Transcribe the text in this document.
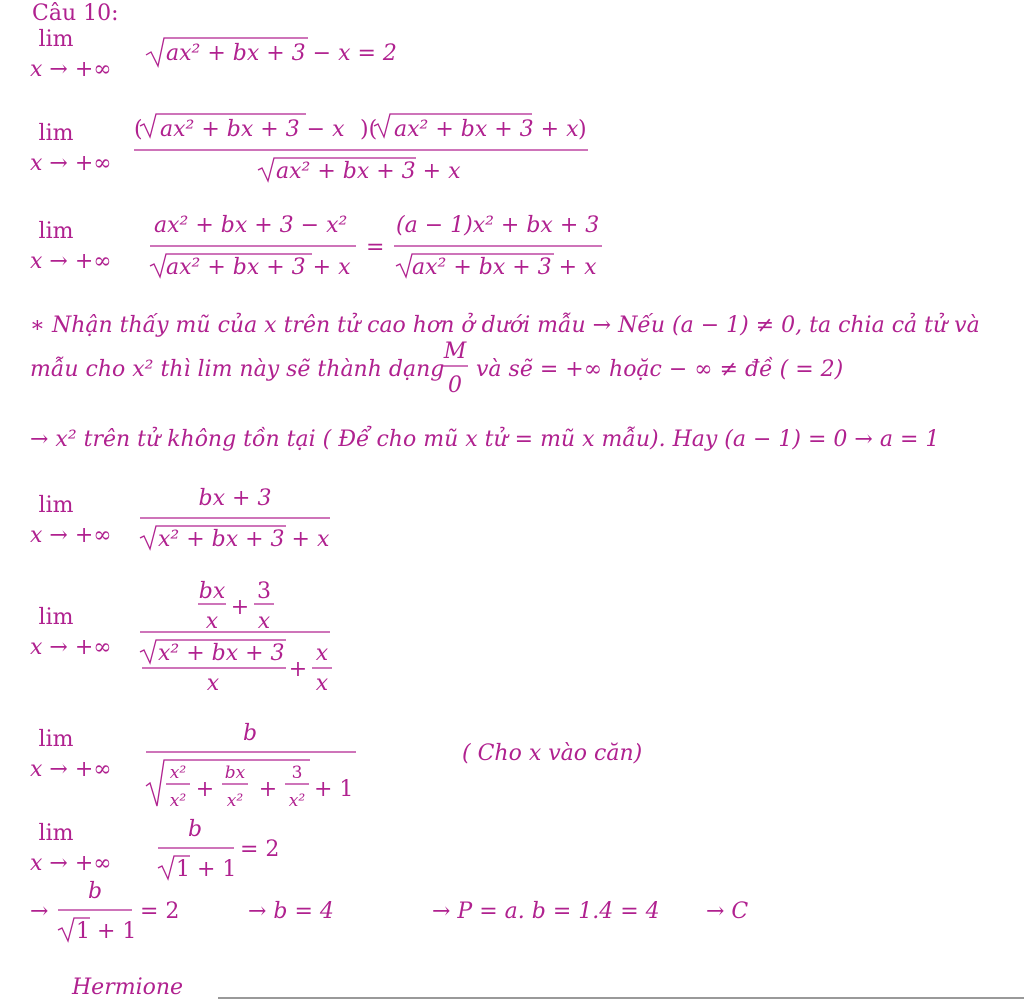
Câu 10:
lim
x → +∞
ax² + bx + 3 − x = 2
lim
x → +∞
( ax² + bx + 3 − x )( ax² + bx + 3 + x )
ax² + bx + 3 + x
lim
x → +∞
ax² + bx + 3 − x²
ax² + bx + 3 + x
=
(a − 1)x² + bx + 3
ax² + bx + 3 + x
∗ Nhận thấy mũ của x trên tử cao hơn ở dưới mẫu → Nếu (a − 1) ≠ 0, ta chia cả tử và
mẫu cho x² thì lim này sẽ thành dạng
M
0
và sẽ = +∞ hoặc − ∞ ≠ đề ( = 2)
→ x² trên tử không tồn tại ( Để cho mũ x tử = mũ x mẫu). Hay (a − 1) = 0 → a = 1
lim
x → +∞
bx + 3
x² + bx + 3 + x
lim
x → +∞
bx
x
+
3
x
x² + bx + 3
x
+
x
x
lim
x → +∞
b
x²
x² +
bx
x² +
3
x² + 1
( Cho x vào căn)
lim
x → +∞
b
1 + 1
= 2
→
b
1 + 1
= 2	→ b = 4	→ P = a. b = 1.4 = 4 → C
Hermione
